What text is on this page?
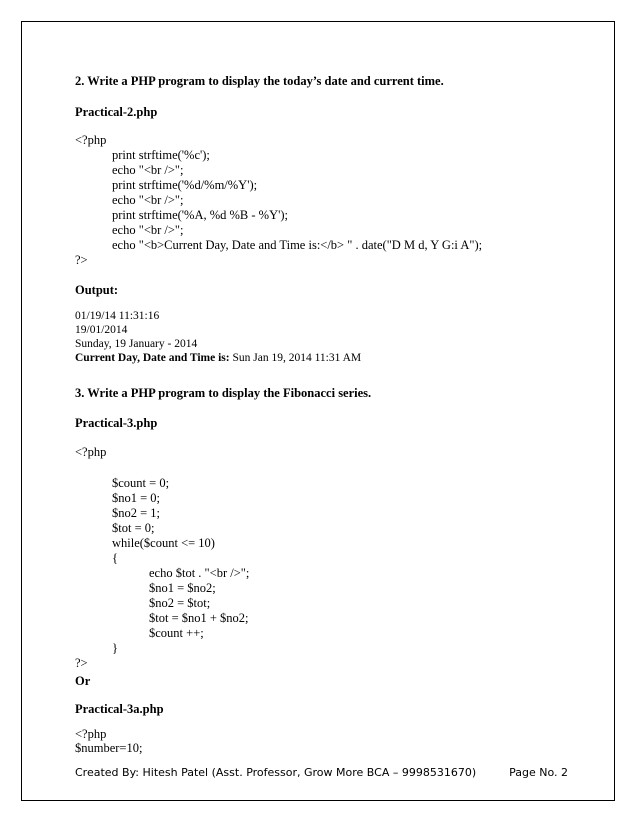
2. Write a PHP program to display the today’s date and current time.
Practical-2.php
<?php
print strftime('%c');
echo "<br />";
print strftime('%d/%m/%Y');
echo "<br />";
print strftime('%A, %d %B - %Y');
echo "<br />";
echo "<b>Current Day, Date and Time is:</b> " . date("D M d, Y G:i A");
?>
Output:
01/19/14 11:31:16
19/01/2014
Sunday, 19 January - 2014
Current Day, Date and Time is: Sun Jan 19, 2014 11:31 AM
3. Write a PHP program to display the Fibonacci series.
Practical-3.php
<?php
$count = 0;
$no1 = 0;
$no2 = 1;
$tot = 0;
while($count <= 10)
{
echo $tot . "<br />";
$no1 = $no2;
$no2 = $tot;
$tot = $no1 + $no2;
$count ++;
}
?>
Or
Practical-3a.php
<?php
Created By: Hitesh Patel (Asst. Professor, Grow More BCA – 9998531670)	Page No. 2
$number=10;
